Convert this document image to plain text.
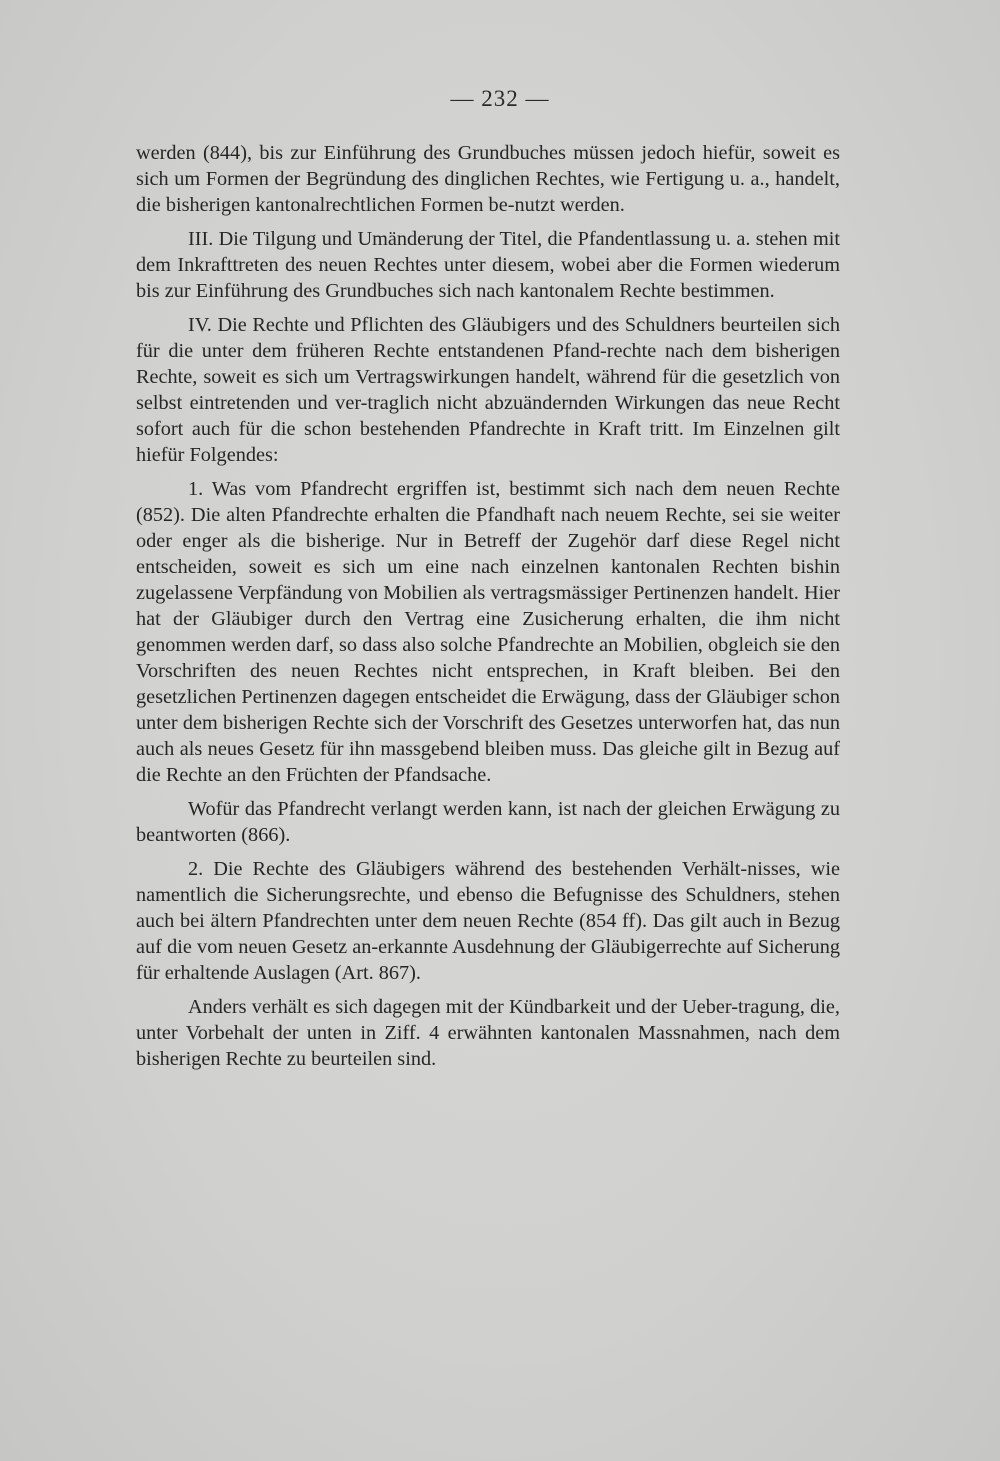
— 232 —

werden (844), bis zur Einführung des Grundbuches müssen jedoch hiefür, soweit es sich um Formen der Begründung des dinglichen Rechtes, wie Fertigung u. a., handelt, die bisherigen kantonalrechtlichen Formen be-nutzt werden.

III. Die Tilgung und Umänderung der Titel, die Pfandentlassung u. a. stehen mit dem Inkrafttreten des neuen Rechtes unter diesem, wobei aber die Formen wiederum bis zur Einführung des Grundbuches sich nach kantonalem Rechte bestimmen.

IV. Die Rechte und Pflichten des Gläubigers und des Schuldners beurteilen sich für die unter dem früheren Rechte entstandenen Pfand-rechte nach dem bisherigen Rechte, soweit es sich um Vertragswirkungen handelt, während für die gesetzlich von selbst eintretenden und ver-traglich nicht abzuändernden Wirkungen das neue Recht sofort auch für die schon bestehenden Pfandrechte in Kraft tritt. Im Einzelnen gilt hiefür Folgendes:

1. Was vom Pfandrecht ergriffen ist, bestimmt sich nach dem neuen Rechte (852). Die alten Pfandrechte erhalten die Pfandhaft nach neuem Rechte, sei sie weiter oder enger als die bisherige. Nur in Betreff der Zugehör darf diese Regel nicht entscheiden, soweit es sich um eine nach einzelnen kantonalen Rechten bishin zugelassene Verpfändung von Mobilien als vertragsmässiger Pertinenzen handelt. Hier hat der Gläubiger durch den Vertrag eine Zusicherung erhalten, die ihm nicht genommen werden darf, so dass also solche Pfandrechte an Mobilien, obgleich sie den Vorschriften des neuen Rechtes nicht entsprechen, in Kraft bleiben. Bei den gesetzlichen Pertinenzen dagegen entscheidet die Erwägung, dass der Gläubiger schon unter dem bisherigen Rechte sich der Vorschrift des Gesetzes unterworfen hat, das nun auch als neues Gesetz für ihn massgebend bleiben muss. Das gleiche gilt in Bezug auf die Rechte an den Früchten der Pfandsache.

Wofür das Pfandrecht verlangt werden kann, ist nach der gleichen Erwägung zu beantworten (866).

2. Die Rechte des Gläubigers während des bestehenden Verhält-nisses, wie namentlich die Sicherungsrechte, und ebenso die Befugnisse des Schuldners, stehen auch bei ältern Pfandrechten unter dem neuen Rechte (854 ff). Das gilt auch in Bezug auf die vom neuen Gesetz an-erkannte Ausdehnung der Gläubigerrechte auf Sicherung für erhaltende Auslagen (Art. 867).

Anders verhält es sich dagegen mit der Kündbarkeit und der Ueber-tragung, die, unter Vorbehalt der unten in Ziff. 4 erwähnten kantonalen Massnahmen, nach dem bisherigen Rechte zu beurteilen sind.
